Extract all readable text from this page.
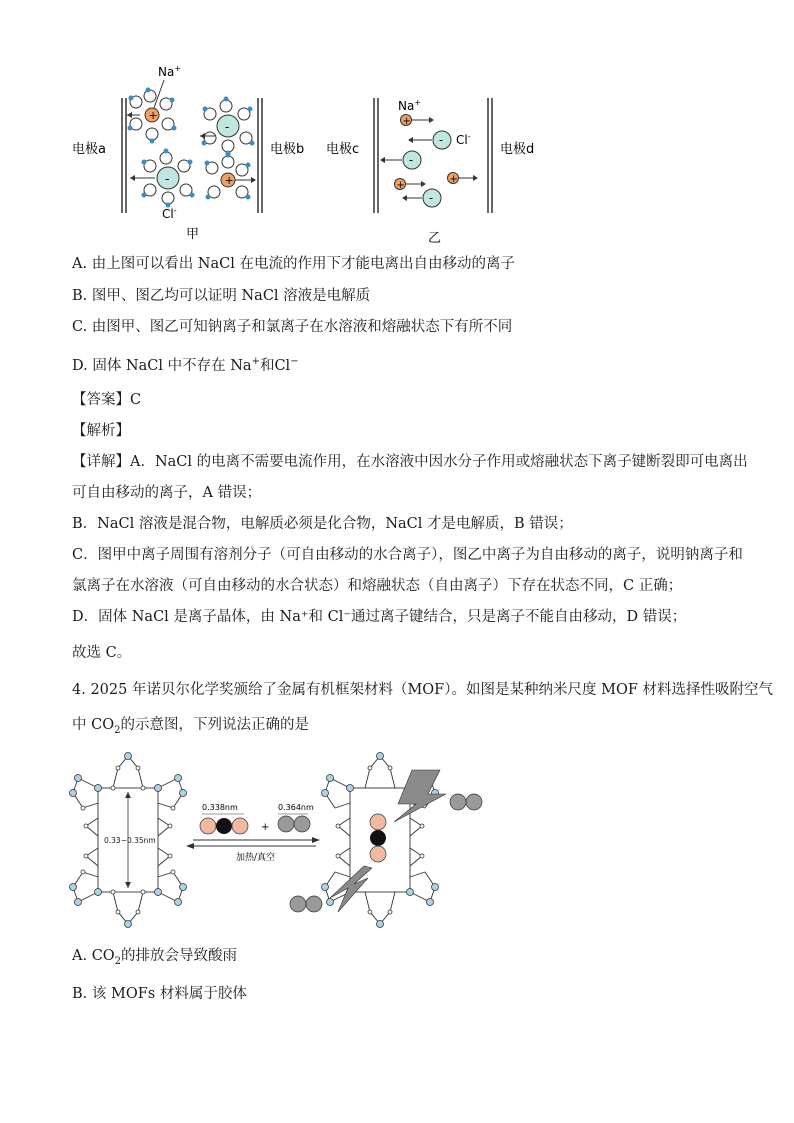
电极a	电极b
+
Na+
-
-
Cl-
+
甲
电极c	电极d
Na+
+
- Cl-
-
+
+
-
乙
A. 由上图可以看出 NaCl 在电流的作用下才能电离出自由移动的离子
B. 图甲、图乙均可以证明 NaCl 溶液是电解质
C. 由图甲、图乙可知钠离子和氯离子在水溶液和熔融状态下有所不同
D. 固体 NaCl 中不存在 Na+和Cl−
【答案】C
【解析】
【详解】A．NaCl 的电离不需要电流作用，在水溶液中因水分子作用或熔融状态下离子键断裂即可电离出
可自由移动的离子，A 错误；
B．NaCl 溶液是混合物，电解质必须是化合物，NaCl 才是电解质，B 错误；
C．图甲中离子周围有溶剂分子（可自由移动的水合离子），图乙中离子为自由移动的离子，说明钠离子和
氯离子在水溶液（可自由移动的水合状态）和熔融状态（自由离子）下存在状态不同，C 正确；
D．固体 NaCl 是离子晶体，由 Na⁺和 Cl⁻通过离子键结合，只是离子不能自由移动，D 错误；
故选 C。
4. 2025 年诺贝尔化学奖颁给了金属有机框架材料（MOF）。如图是某种纳米尺度 MOF 材料选择性吸附空气
中 $CO_2$的示意图，下列说法正确的是
0.33~0.35nm
0.338nm
+
0.364nm
加热/真空
A. $CO_2$的排放会导致酸雨
B. 该 MOFs 材料属于胶体
